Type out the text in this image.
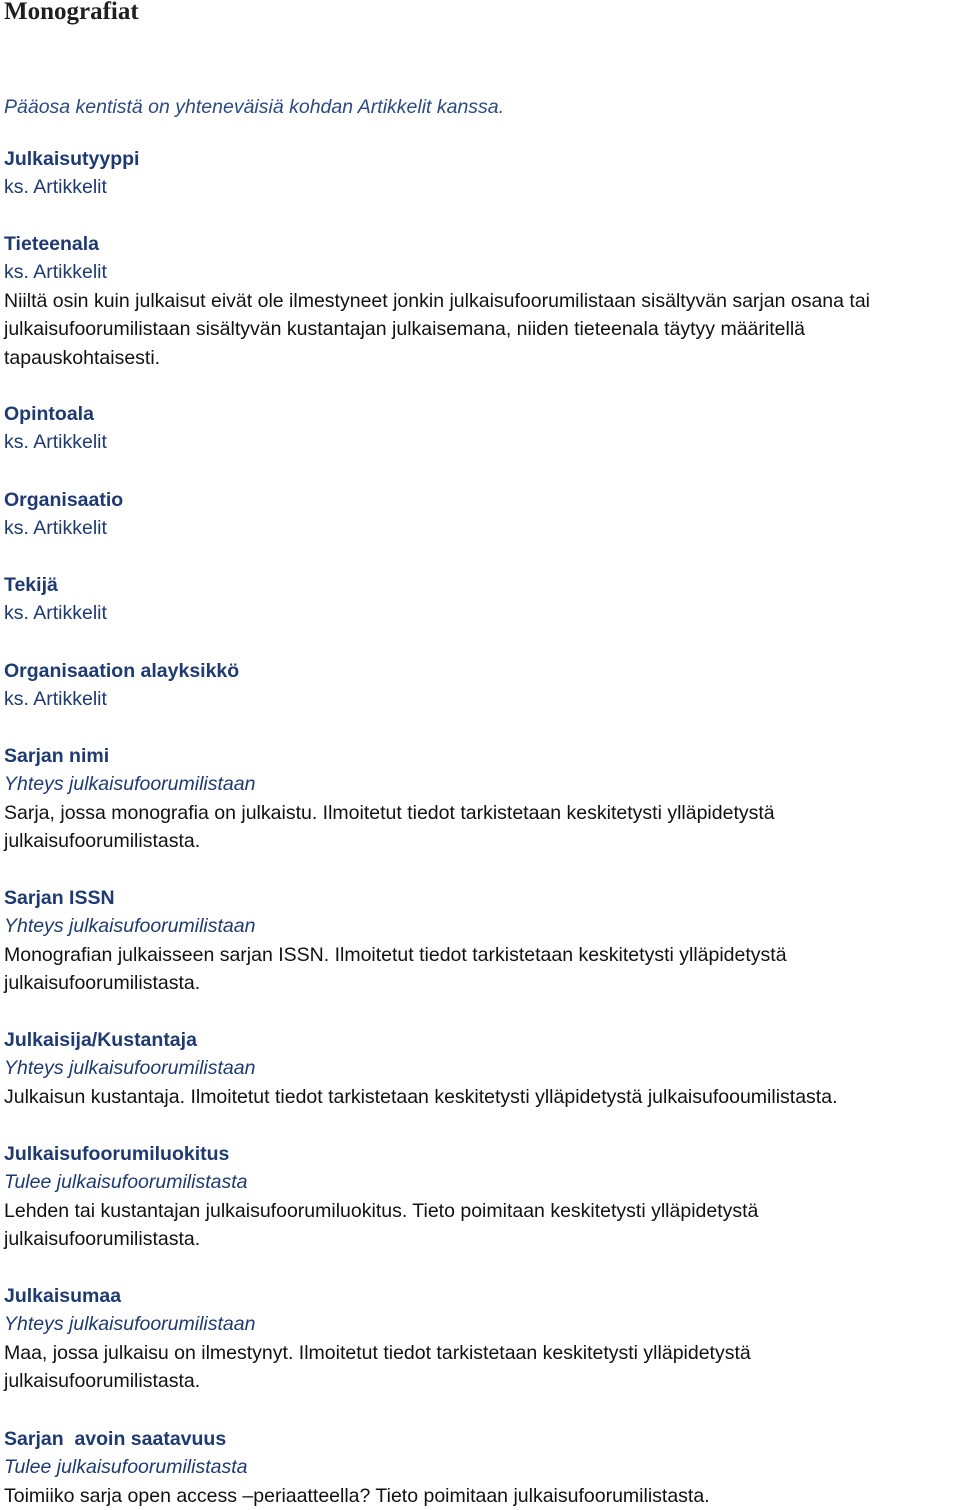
Monografiat
Pääosa kentistä on yhteneväisiä kohdan Artikkelit kanssa.
Julkaisutyyppi
ks. Artikkelit
Tieteenala
ks. Artikkelit
Niiltä osin kuin julkaisut eivät ole ilmestyneet jonkin julkaisufoorumilistaan sisältyvän sarjan osana tai
julkaisufoorumilistaan sisältyvän kustantajan julkaisemana, niiden tieteenala täytyy määritellä
tapauskohtaisesti.
Opintoala
ks. Artikkelit
Organisaatio
ks. Artikkelit
Tekijä
ks. Artikkelit
Organisaation alayksikkö
ks. Artikkelit
Sarjan nimi
Yhteys julkaisufoorumilistaan
Sarja, jossa monografia on julkaistu. Ilmoitetut tiedot tarkistetaan keskitetysti ylläpidetystä
julkaisufoorumilistasta.
Sarjan ISSN
Yhteys julkaisufoorumilistaan
Monografian julkaisseen sarjan ISSN. Ilmoitetut tiedot tarkistetaan keskitetysti ylläpidetystä
julkaisufoorumilistasta.
Julkaisija/Kustantaja
Yhteys julkaisufoorumilistaan
Julkaisun kustantaja. Ilmoitetut tiedot tarkistetaan keskitetysti ylläpidetystä julkaisufooumilistasta.
Julkaisufoorumiluokitus
Tulee julkaisufoorumilistasta
Lehden tai kustantajan julkaisufoorumiluokitus. Tieto poimitaan keskitetysti ylläpidetystä
julkaisufoorumilistasta.
Julkaisumaa
Yhteys julkaisufoorumilistaan
Maa, jossa julkaisu on ilmestynyt. Ilmoitetut tiedot tarkistetaan keskitetysti ylläpidetystä
julkaisufoorumilistasta.
Sarjan  avoin saatavuus
Tulee julkaisufoorumilistasta
Toimiiko sarja open access –periaatteella? Tieto poimitaan julkaisufoorumilistasta.
